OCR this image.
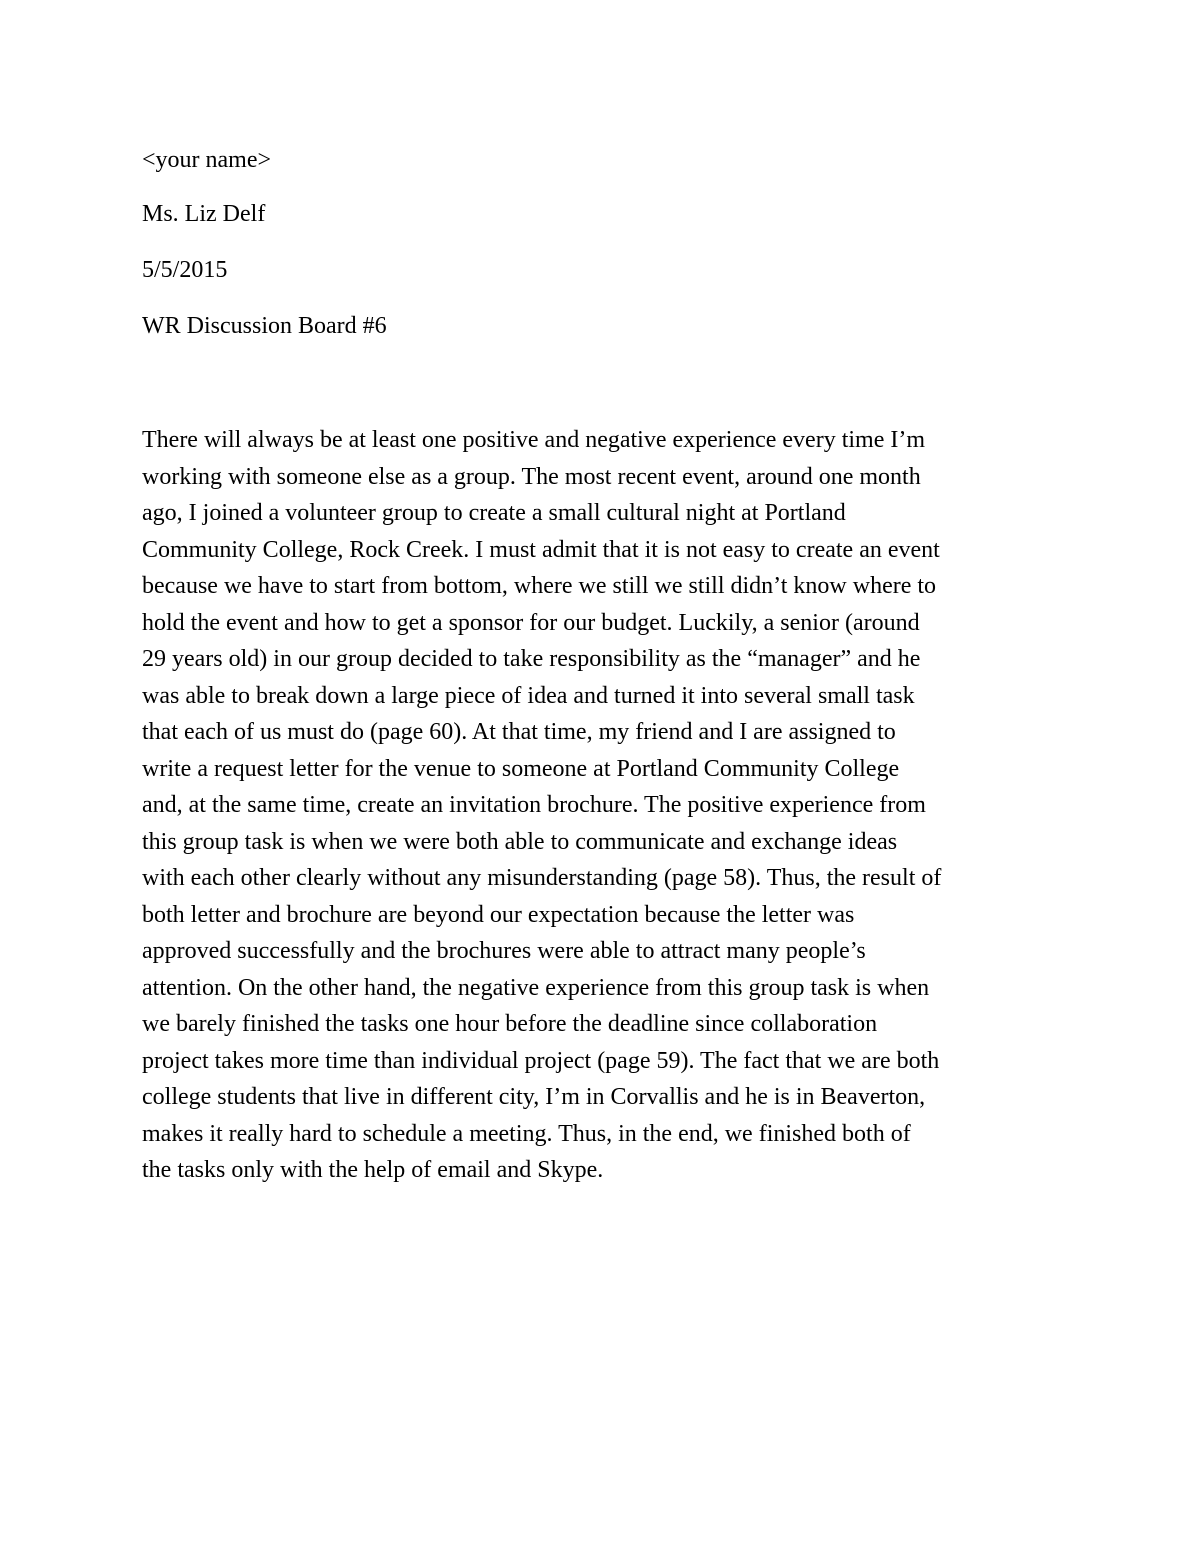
<your name>

Ms. Liz Delf

5/5/2015

WR Discussion Board #6

There will always be at least one positive and negative experience every time I’m
working with someone else as a group. The most recent event, around one month
ago, I joined a volunteer group to create a small cultural night at Portland
Community College, Rock Creek. I must admit that it is not easy to create an event
because we have to start from bottom, where we still we still didn’t know where to
hold the event and how to get a sponsor for our budget. Luckily, a senior (around
29 years old) in our group decided to take responsibility as the “manager” and he
was able to break down a large piece of idea and turned it into several small task
that each of us must do (page 60). At that time, my friend and I are assigned to
write a request letter for the venue to someone at Portland Community College
and, at the same time, create an invitation brochure. The positive experience from
this group task is when we were both able to communicate and exchange ideas
with each other clearly without any misunderstanding (page 58). Thus, the result of
both letter and brochure are beyond our expectation because the letter was
approved successfully and the brochures were able to attract many people’s
attention. On the other hand, the negative experience from this group task is when
we barely finished the tasks one hour before the deadline since collaboration
project takes more time than individual project (page 59). The fact that we are both
college students that live in different city, I’m in Corvallis and he is in Beaverton,
makes it really hard to schedule a meeting. Thus, in the end, we finished both of
the tasks only with the help of email and Skype.
